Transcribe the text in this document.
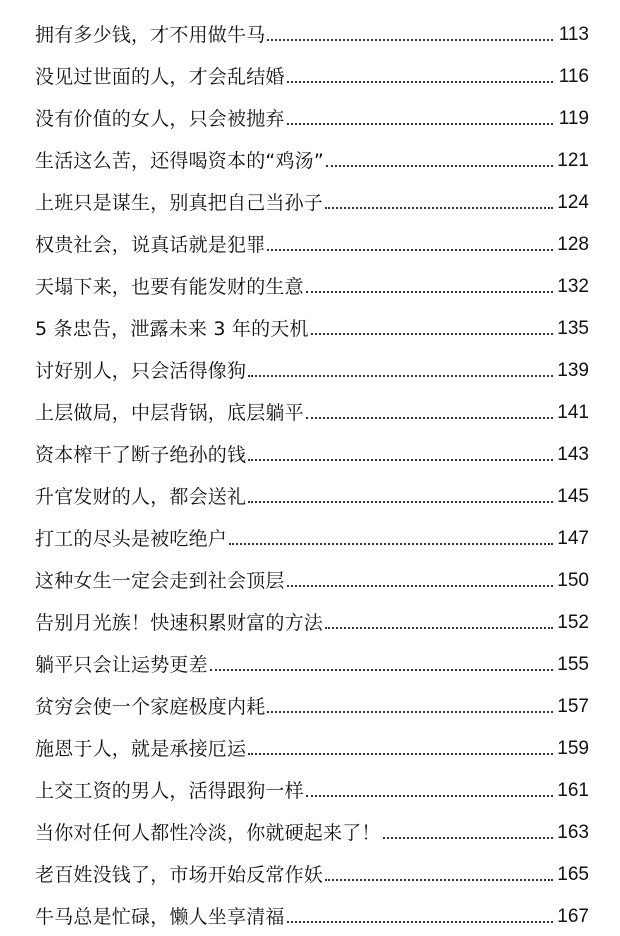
拥有多少钱，才不用做牛马	113
没见过世面的人，才会乱结婚	116
没有价值的女人，只会被抛弃	119
生活这么苦，还得喝资本的“鸡汤”	121
上班只是谋生，别真把自己当孙子	124
权贵社会，说真话就是犯罪	128
天塌下来，也要有能发财的生意	132
5 条忠告，泄露未来 3 年的天机	135
讨好别人，只会活得像狗	139
上层做局，中层背锅，底层躺平	141
资本榨干了断子绝孙的钱	143
升官发财的人，都会送礼	145
打工的尽头是被吃绝户	147
这种女生一定会走到社会顶层	150
告别月光族！快速积累财富的方法	152
躺平只会让运势更差	155
贫穷会使一个家庭极度内耗	157
施恩于人，就是承接厄运	159
上交工资的男人，活得跟狗一样	161
当你对任何人都性冷淡，你就硬起来了！	163
老百姓没钱了，市场开始反常作妖	165
牛马总是忙碌，懒人坐享清福	167
